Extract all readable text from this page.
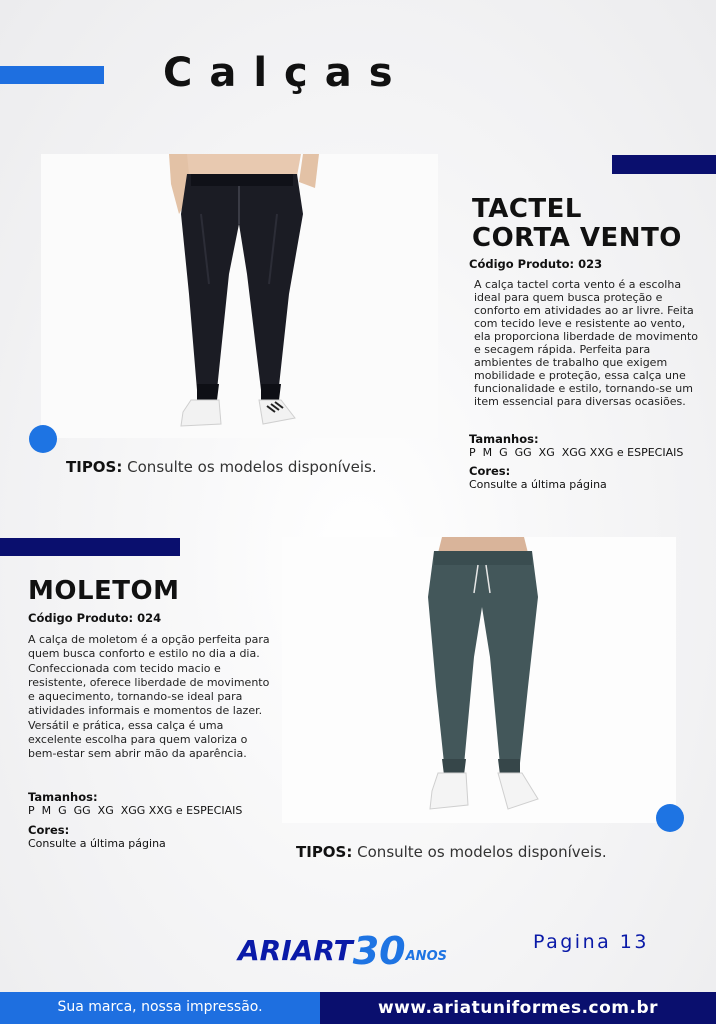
Calças
TIPOS: Consulte os modelos disponíveis.
TACTEL
CORTA VENTO
Código Produto: 023
A calça tactel corta vento é a escolha ideal para quem busca proteção e conforto em atividades ao ar livre. Feita com tecido leve e resistente ao vento, ela proporciona liberdade de movimento e secagem rápida. Perfeita para ambientes de trabalho que exigem mobilidade e proteção, essa calça une funcionalidade e estilo, tornando-se um item essencial para diversas ocasiões.
Tamanhos:
P  M  G  GG  XG  XGG XXG e ESPECIAIS
Cores:
Consulte a última página
MOLETOM
Código Produto: 024
A calça de moletom é a opção perfeita para quem busca conforto e estilo no dia a dia. Confeccionada com tecido macio e resistente, oferece liberdade de movimento e aquecimento, tornando-se ideal para atividades informais e momentos de lazer. Versátil e prática, essa calça é uma excelente escolha para quem valoriza o bem-estar sem abrir mão da aparência.
Tamanhos:
P  M  G  GG  XG  XGG XXG e ESPECIAIS
Cores:
Consulte a última página	TIPOS: Consulte os modelos disponíveis.
ARIART30ANOS
Pagina 13
Sua marca, nossa impressão.	www.ariatuniformes.com.br
